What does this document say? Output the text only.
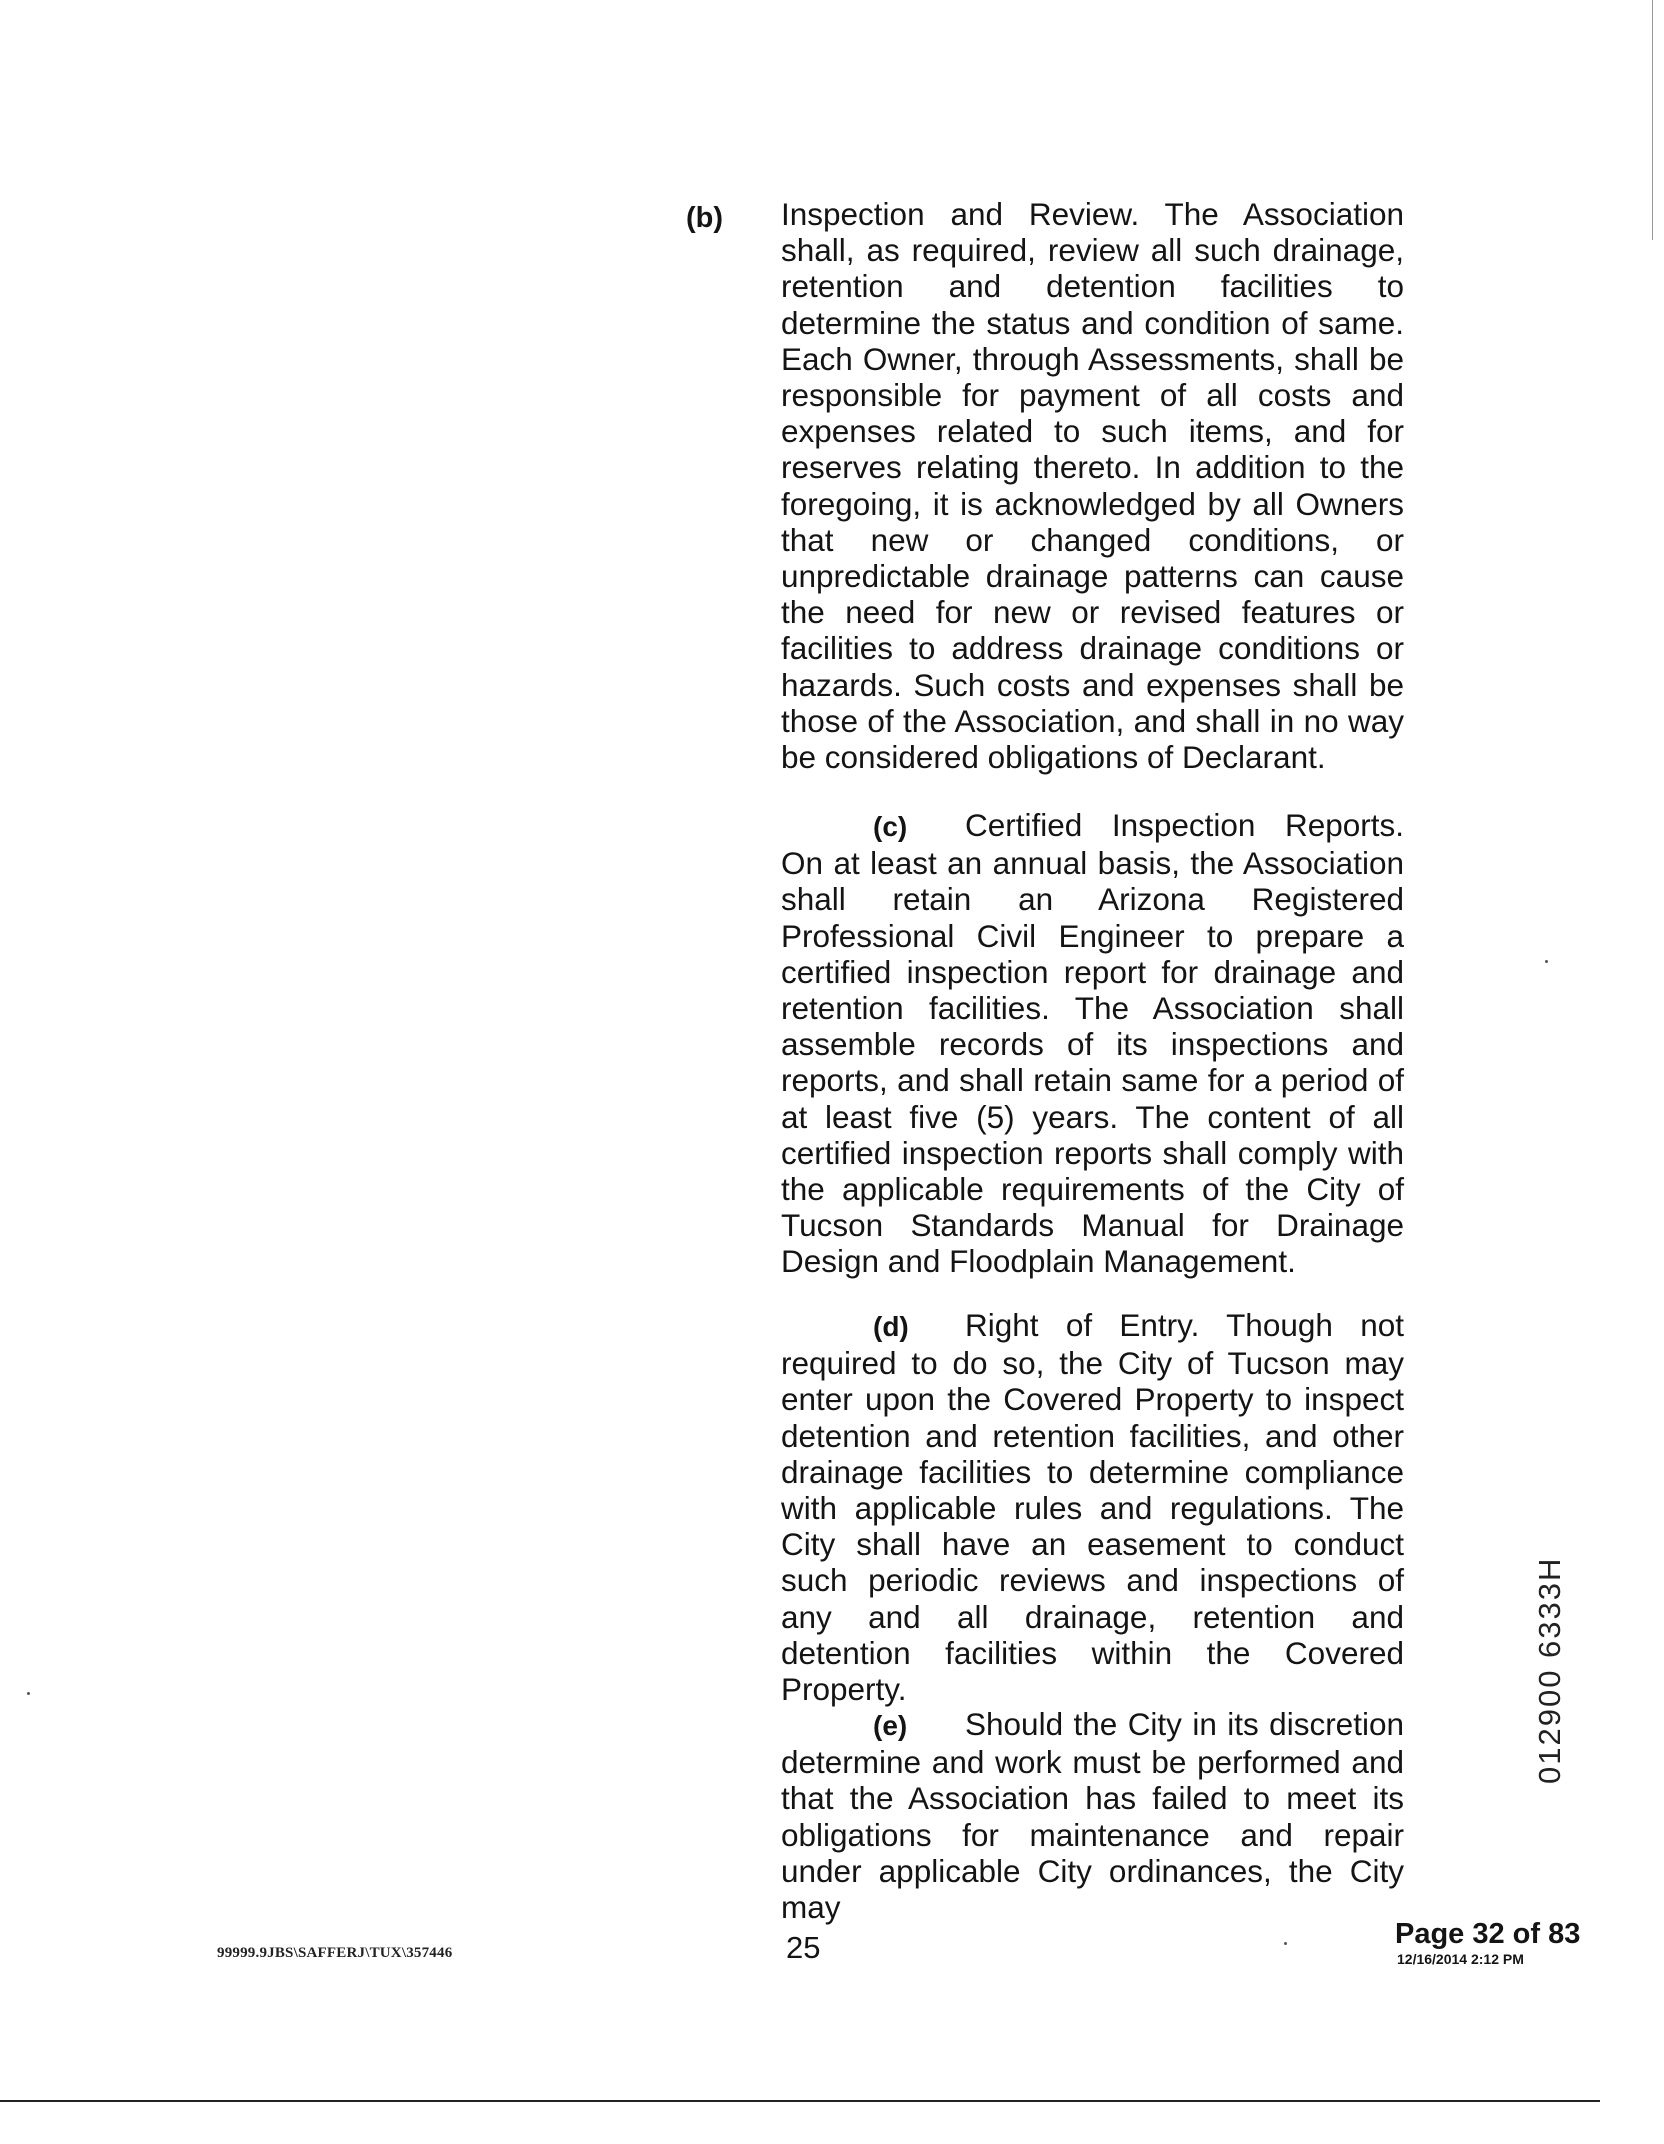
(b) Inspection and Review. The Association shall, as required, review all such drainage, retention and detention facilities to determine the status and condition of same. Each Owner, through Assessments, shall be responsible for payment of all costs and expenses related to such items, and for reserves relating thereto. In addition to the foregoing, it is acknowledged by all Owners that new or changed conditions, or unpredictable drainage patterns can cause the need for new or revised features or facilities to address drainage conditions or hazards. Such costs and expenses shall be those of the Association, and shall in no way be considered obligations of Declarant.
(c) Certified Inspection Reports. On at least an annual basis, the Association shall retain an Arizona Registered Professional Civil Engineer to prepare a certified inspection report for drainage and retention facilities. The Association shall assemble records of its inspections and reports, and shall retain same for a period of at least five (5) years. The content of all certified inspection reports shall comply with the applicable requirements of the City of Tucson Standards Manual for Drainage Design and Floodplain Management.
(d) Right of Entry. Though not required to do so, the City of Tucson may enter upon the Covered Property to inspect detention and retention facilities, and other drainage facilities to determine compliance with applicable rules and regulations. The City shall have an easement to conduct such periodic reviews and inspections of any and all drainage, retention and detention facilities within the Covered Property.
(e) Should the City in its discretion determine and work must be performed and that the Association has failed to meet its obligations for maintenance and repair under applicable City ordinances, the City may
012900 6333H
99999.9JBS\SAFFERJ\TUX\357446	25	Page 32 of 83
12/16/2014 2:12 PM
